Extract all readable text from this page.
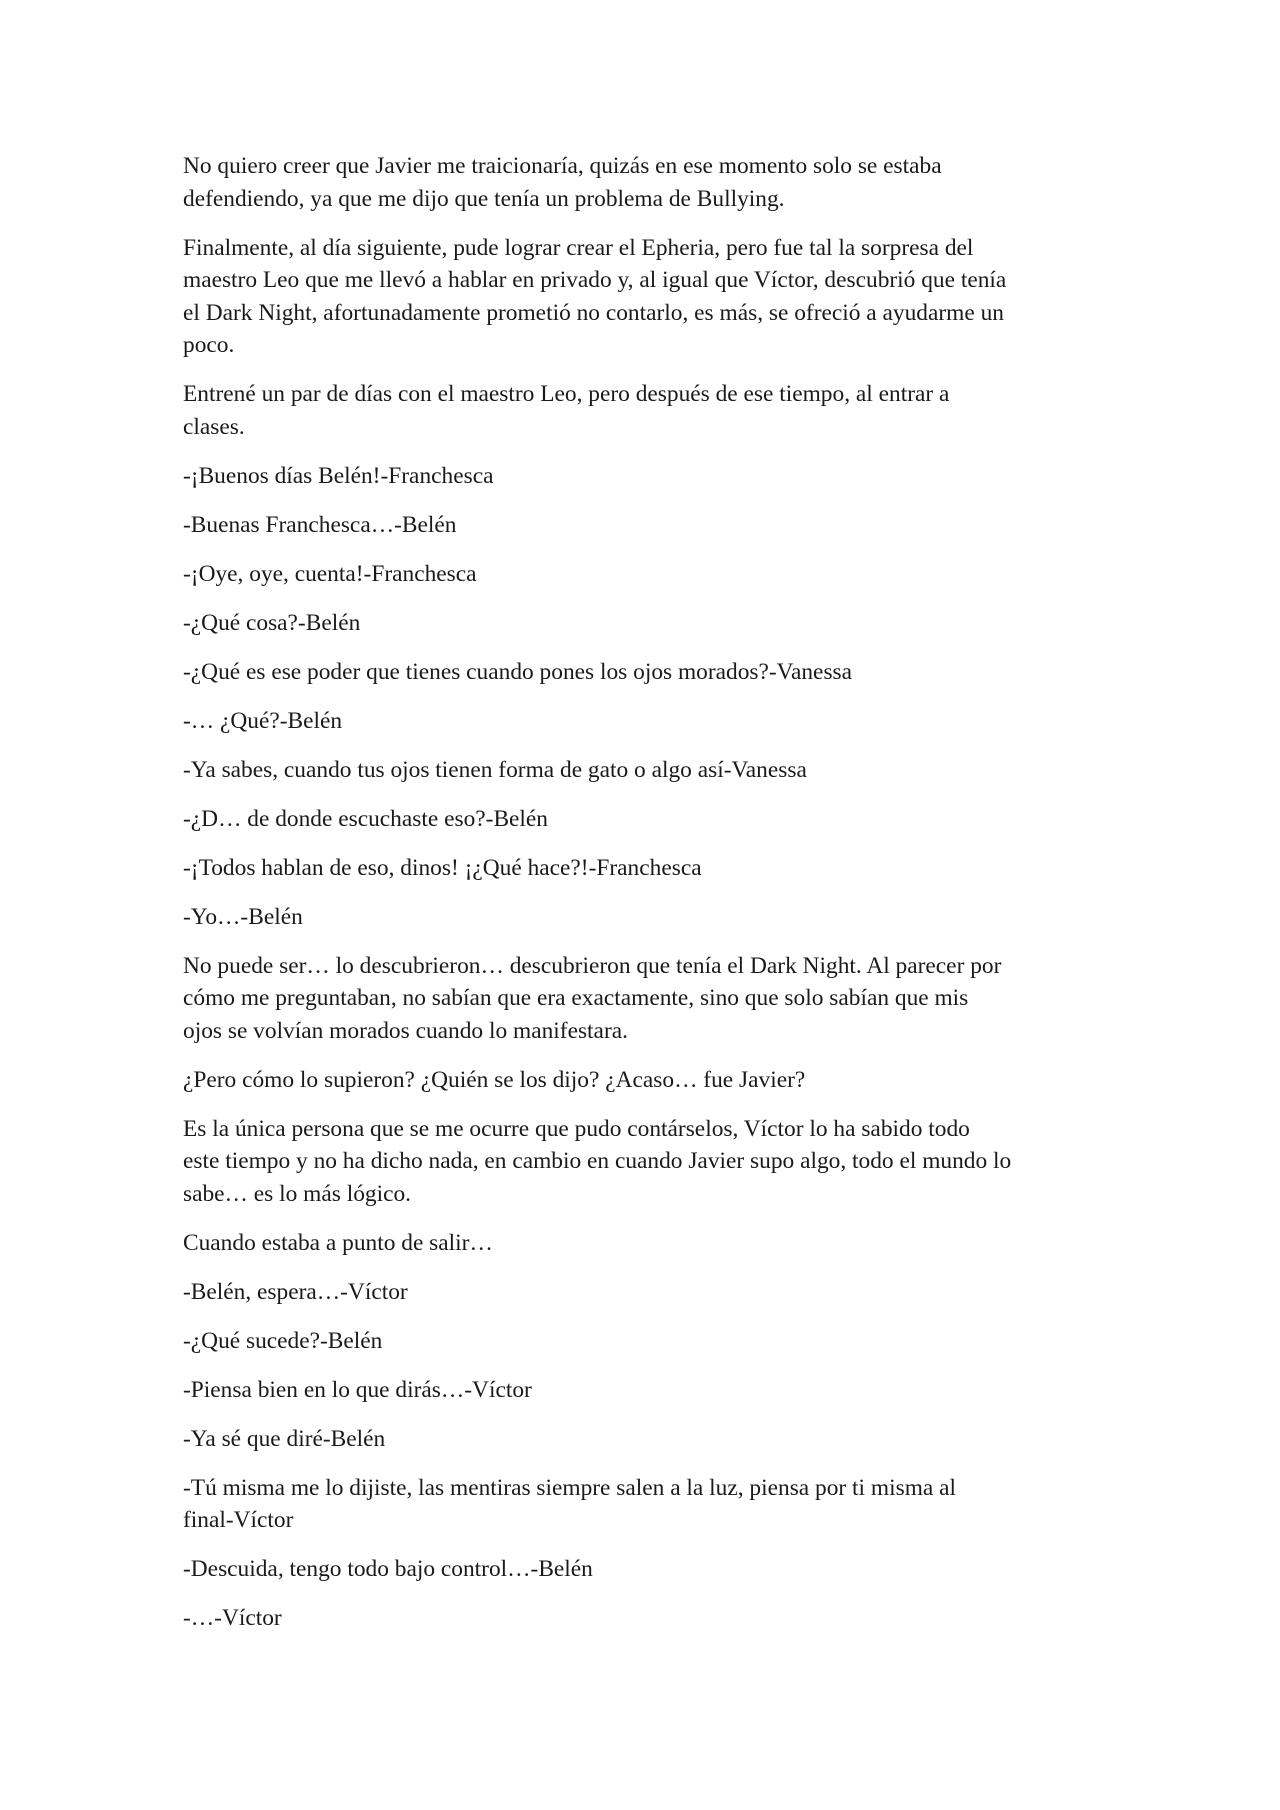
No quiero creer que Javier me traicionaría, quizás en ese momento solo se estaba
defendiendo, ya que me dijo que tenía un problema de Bullying.

Finalmente, al día siguiente, pude lograr crear el Epheria, pero fue tal la sorpresa del
maestro Leo que me llevó a hablar en privado y, al igual que Víctor, descubrió que tenía
el Dark Night, afortunadamente prometió no contarlo, es más, se ofreció a ayudarme un
poco.

Entrené un par de días con el maestro Leo, pero después de ese tiempo, al entrar a
clases.

-¡Buenos días Belén!-Franchesca

-Buenas Franchesca…-Belén

-¡Oye, oye, cuenta!-Franchesca

-¿Qué cosa?-Belén

-¿Qué es ese poder que tienes cuando pones los ojos morados?-Vanessa

-… ¿Qué?-Belén

-Ya sabes, cuando tus ojos tienen forma de gato o algo así-Vanessa

-¿D… de donde escuchaste eso?-Belén

-¡Todos hablan de eso, dinos! ¡¿Qué hace?!-Franchesca

-Yo…-Belén

No puede ser… lo descubrieron… descubrieron que tenía el Dark Night. Al parecer por
cómo me preguntaban, no sabían que era exactamente, sino que solo sabían que mis
ojos se volvían morados cuando lo manifestara.

¿Pero cómo lo supieron? ¿Quién se los dijo? ¿Acaso… fue Javier?

Es la única persona que se me ocurre que pudo contárselos, Víctor lo ha sabido todo
este tiempo y no ha dicho nada, en cambio en cuando Javier supo algo, todo el mundo lo
sabe… es lo más lógico.

Cuando estaba a punto de salir…

-Belén, espera…-Víctor

-¿Qué sucede?-Belén

-Piensa bien en lo que dirás…-Víctor

-Ya sé que diré-Belén

-Tú misma me lo dijiste, las mentiras siempre salen a la luz, piensa por ti misma al
final-Víctor

-Descuida, tengo todo bajo control…-Belén

-…-Víctor
